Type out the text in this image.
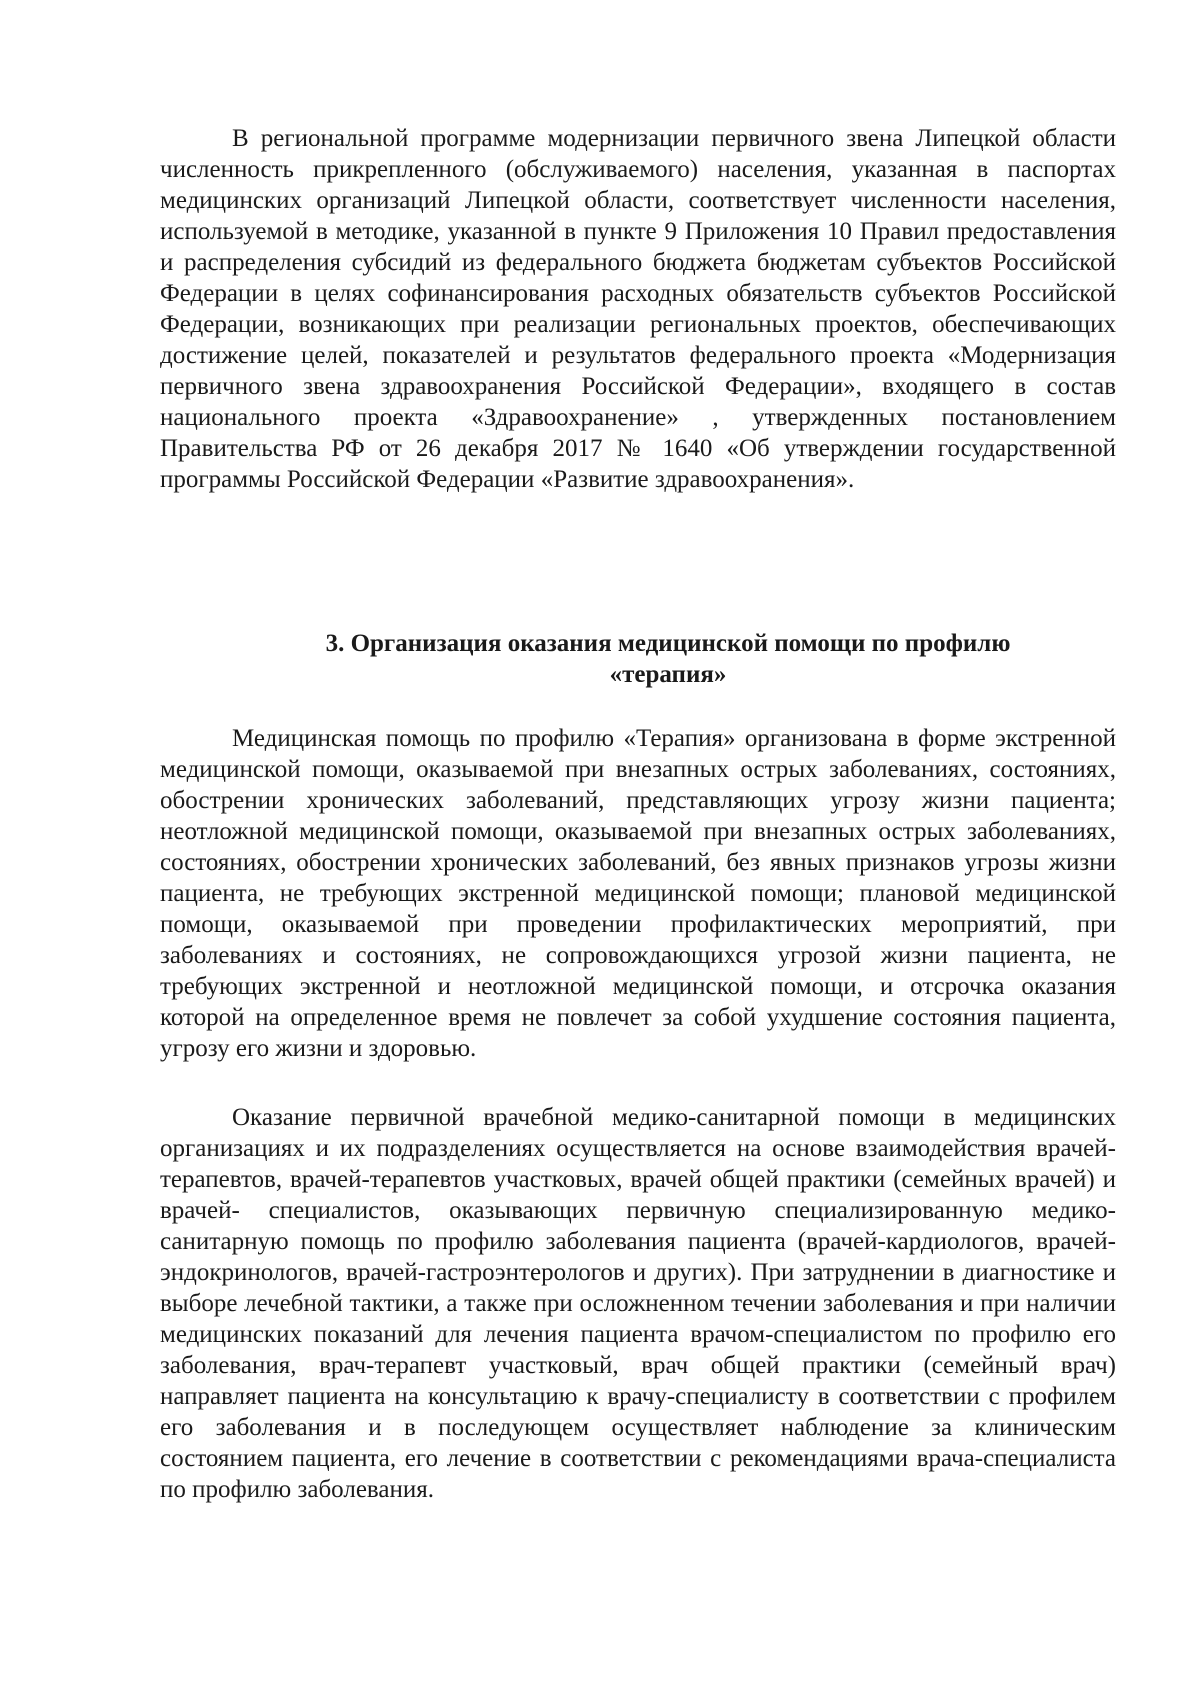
В региональной программе модернизации первичного звена Липецкой области численность прикрепленного (обслуживаемого) населения, указанная в паспортах медицинских организаций Липецкой области, соответствует численности населения, используемой в методике, указанной в пункте 9 Приложения 10 Правил предоставления и распределения субсидий из федерального бюджета бюджетам субъектов Российской Федерации в целях софинансирования расходных обязательств субъектов Российской Федерации, возникающих при реализации региональных проектов, обеспечивающих достижение целей, показателей и результатов федерального проекта «Модернизация первичного звена здравоохранения Российской Федерации», входящего в состав национального проекта «Здравоохранение» , утвержденных постановлением Правительства РФ от 26 декабря 2017 № 1640 «Об утверждении государственной программы Российской Федерации «Развитие здравоохранения».

3. Организация оказания медицинской помощи по профилю
«терапия»

Медицинская помощь по профилю «Терапия» организована в форме экстренной медицинской помощи, оказываемой при внезапных острых заболеваниях, состояниях, обострении хронических заболеваний, представляющих угрозу жизни пациента; неотложной медицинской помощи, оказываемой при внезапных острых заболеваниях, состояниях, обострении хронических заболеваний, без явных признаков угрозы жизни пациента, не требующих экстренной медицинской помощи; плановой медицинской помощи, оказываемой при проведении профилактических мероприятий, при заболеваниях и состояниях, не сопровождающихся угрозой жизни пациента, не требующих экстренной и неотложной медицинской помощи, и отсрочка оказания которой на определенное время не повлечет за собой ухудшение состояния пациента, угрозу его жизни и здоровью.

Оказание первичной врачебной медико-санитарной помощи в медицинских организациях и их подразделениях осуществляется на основе взаимодействия врачей-терапевтов, врачей-терапевтов участковых, врачей общей практики (семейных врачей) и врачей- специалистов, оказывающих первичную специализированную медико-санитарную помощь по профилю заболевания пациента (врачей-кардиологов, врачей-эндокринологов, врачей-гастроэнтерологов и других). При затруднении в диагностике и выборе лечебной тактики, а также при осложненном течении заболевания и при наличии медицинских показаний для лечения пациента врачом-специалистом по профилю его заболевания, врач-терапевт участковый, врач общей практики (семейный врач) направляет пациента на консультацию к врачу-специалисту в соответствии с профилем его заболевания и в последующем осуществляет наблюдение за клиническим состоянием пациента, его лечение в соответствии с рекомендациями врача-специалиста по профилю заболевания.
